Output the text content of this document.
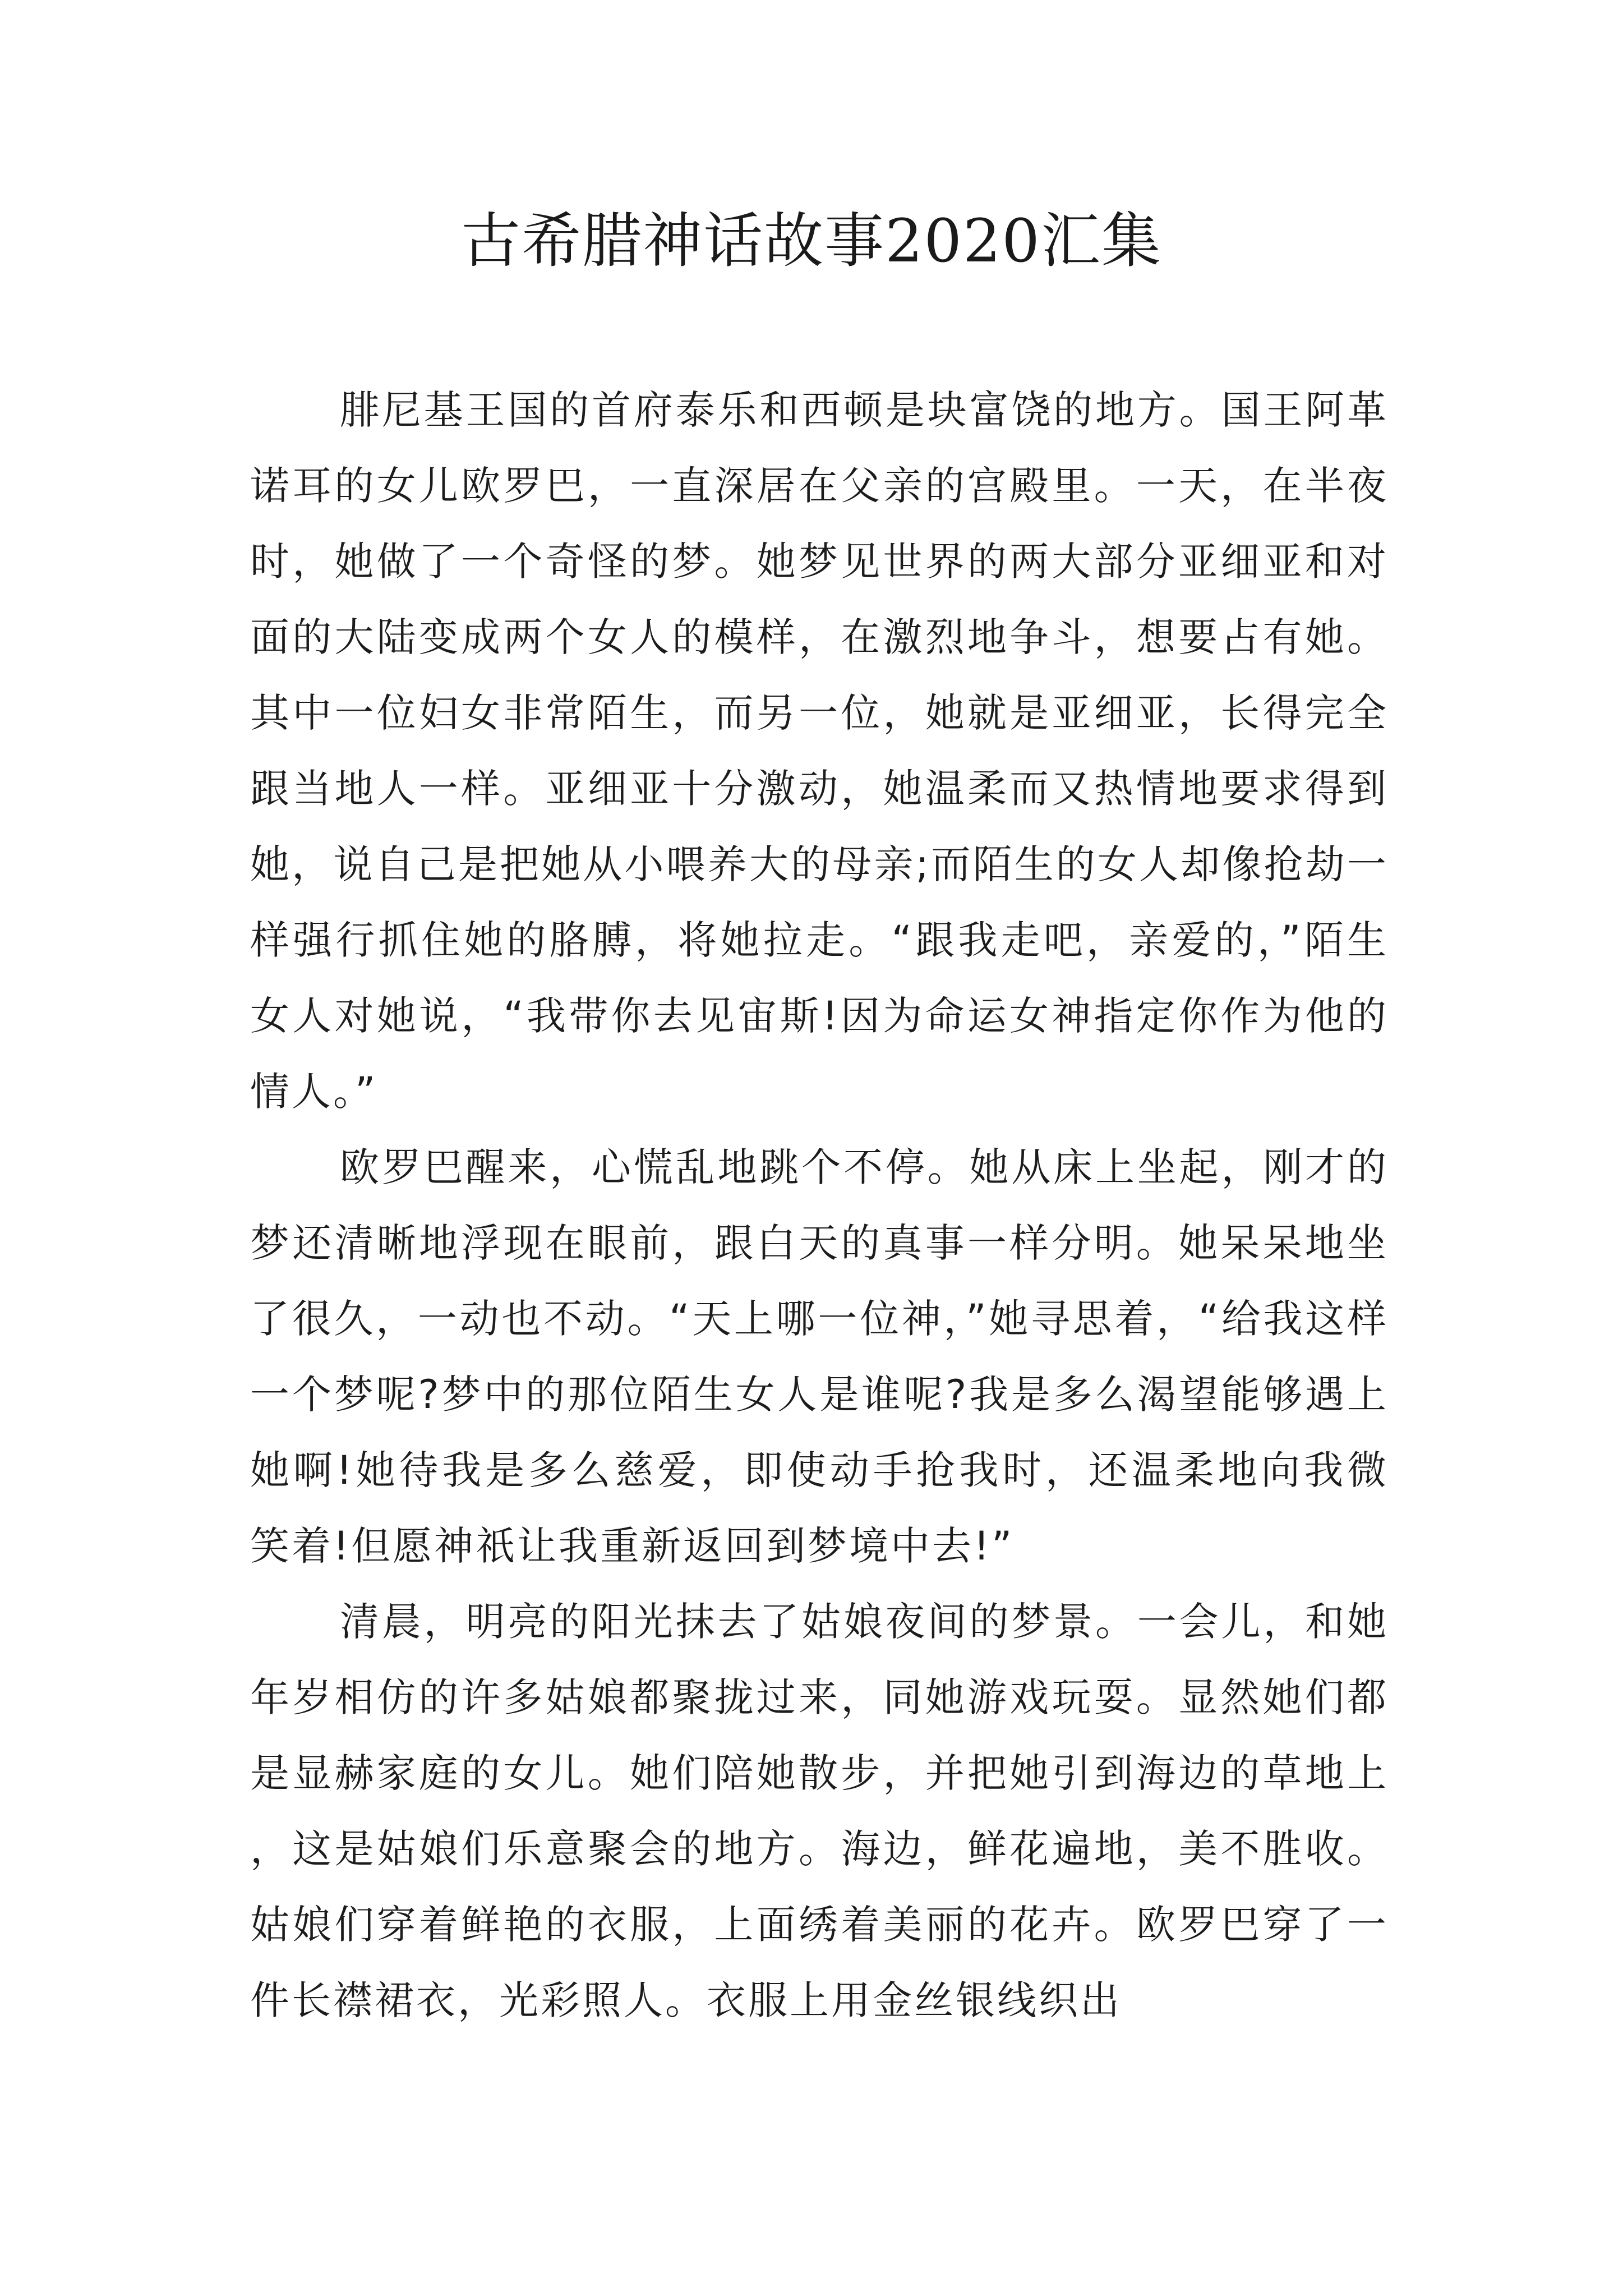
古希腊神话故事2020汇集

腓尼基王国的首府泰乐和西顿是块富饶的地方。国王阿革诺耳的女儿欧罗巴，一直深居在父亲的宫殿里。一天，在半夜时，她做了一个奇怪的梦。她梦见世界的两大部分亚细亚和对面的大陆变成两个女人的模样，在激烈地争斗，想要占有她。其中一位妇女非常陌生，而另一位，她就是亚细亚，长得完全跟当地人一样。亚细亚十分激动，她温柔而又热情地要求得到她，说自己是把她从小喂养大的母亲;而陌生的女人却像抢劫一样强行抓住她的胳膊，将她拉走。“跟我走吧，亲爱的，”陌生女人对她说，“我带你去见宙斯!因为命运女神指定你作为他的情人。”

欧罗巴醒来，心慌乱地跳个不停。她从床上坐起，刚才的梦还清晰地浮现在眼前，跟白天的真事一样分明。她呆呆地坐了很久，一动也不动。“天上哪一位神，”她寻思着，“给我这样一个梦呢?梦中的那位陌生女人是谁呢?我是多么渴望能够遇上她啊!她待我是多么慈爱，即使动手抢我时，还温柔地向我微笑着!但愿神祇让我重新返回到梦境中去!”

清晨，明亮的阳光抹去了姑娘夜间的梦景。一会儿，和她年岁相仿的许多姑娘都聚拢过来，同她游戏玩耍。显然她们都是显赫家庭的女儿。她们陪她散步，并把她引到海边的草地上，这是姑娘们乐意聚会的地方。海边，鲜花遍地，美不胜收。姑娘们穿着鲜艳的衣服，上面绣着美丽的花卉。欧罗巴穿了一件长襟裙衣，光彩照人。衣服上用金丝银线织出
